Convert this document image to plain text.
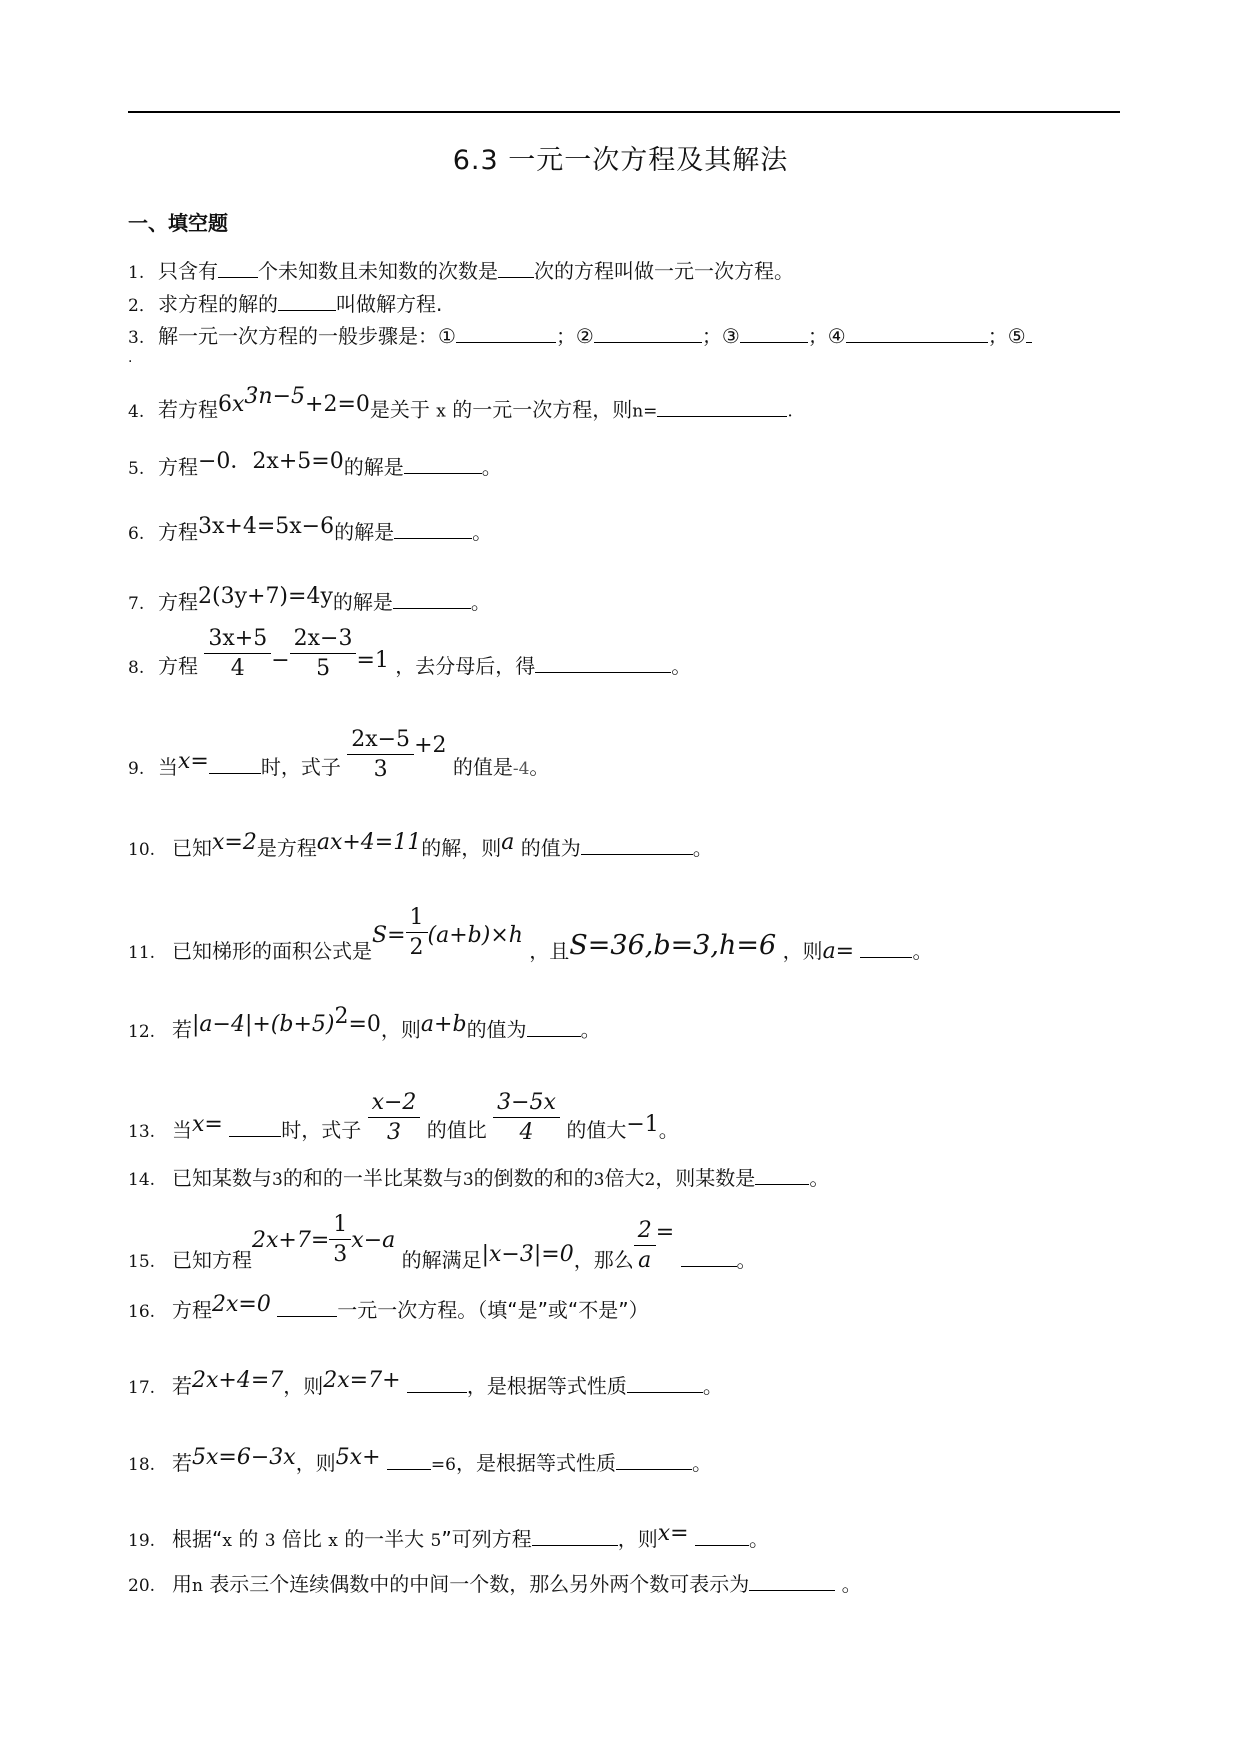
6.3 一元一次方程及其解法
一、填空题
1. 只含有 个未知数且未知数的次数是 次的方程叫做一元一次方程。
2． 求方程的解的	叫做解方程.
3. 解一元一次方程的一般步骤是：①	；②	；③	；④	；⑤
.
4. 若方程$6x^{3n-5}+2=0$是关于 x 的一元一次方程，则n=	.
5. 方程−0．2x+5=0的解是	。
6. 方程3x+4=5x−6的解是	。
7. 方程2(3y+7)=4y的解是	。
8. 方程 $\frac{3x+5}{4} - \frac{2x-3}{5} =1$ ，去分母后，得	。
9. 当x=	时，式子 $\frac{2x-5}{3} +2$ 的值是-4。
10. 已知x=2是方程ax+4=11的解，则a 的值为	。
11. 已知梯形的面积公式是$S= \frac{1}{2} (a+b)\times h$ ，且S=36,b=3,h=6 ，则a=	。
12. 若$|a-4|+(b+5)^2=0$，则a+b的值为	。
13. 当x=	时，式子 $\frac{x-2}{3}$ 的值比 $\frac{3-5x}{4}$ 的值大−1。
14. 已知某数与3的和的一半比某数与3的倒数的和的3倍大2，则某数是	。
15. 已知方程$2x+7= \frac{1}{3} x-a$ 的解满足|x−3|=0，那么 $\frac{2}{a}$ = 。
16. 方程2x=0	一元一次方程。（填“是”或“不是”）
17. 若2x+4=7，则2x=7+	，是根据等式性质	。
18. 若5x=6−3x，则5x+	=6，是根据等式性质	。
19. 根据“x 的 3 倍比 x 的一半大 5”可列方程	，则x=	。
20. 用n 表示三个连续偶数中的中间一个数，那么另外两个数可表示为	。
